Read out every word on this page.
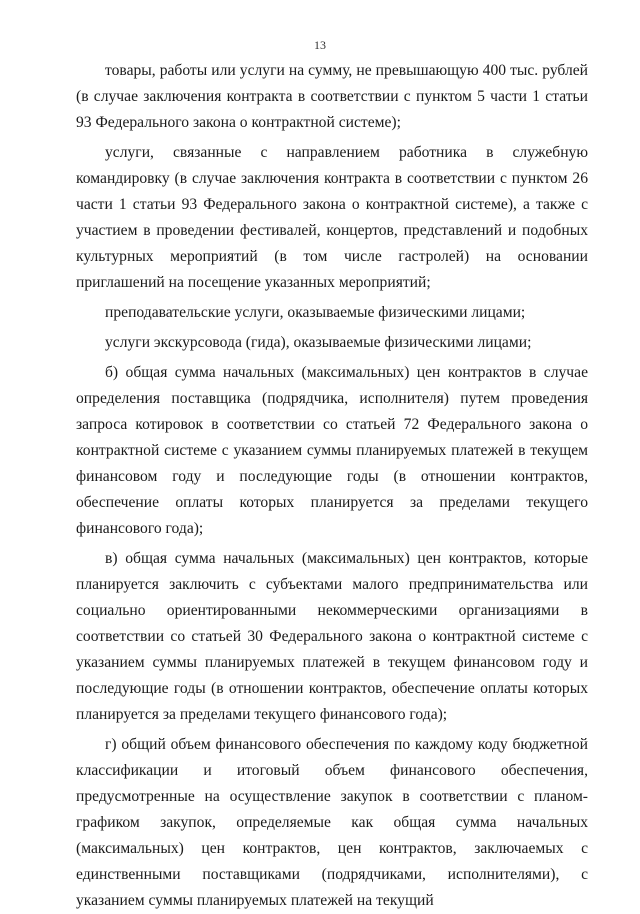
13

товары, работы или услуги на сумму, не превышающую 400 тыс. рублей (в случае заключения контракта в соответствии с пунктом 5 части 1 статьи 93 Федерального закона о контрактной системе);

услуги, связанные с направлением работника в служебную командировку (в случае заключения контракта в соответствии с пунктом 26 части 1 статьи 93 Федерального закона о контрактной системе), а также с участием в проведении фестивалей, концертов, представлений и подобных культурных мероприятий (в том числе гастролей) на основании приглашений на посещение указанных мероприятий;

преподавательские услуги, оказываемые физическими лицами;

услуги экскурсовода (гида), оказываемые физическими лицами;

б) общая сумма начальных (максимальных) цен контрактов в случае определения поставщика (подрядчика, исполнителя) путем проведения запроса котировок в соответствии со статьей 72 Федерального закона о контрактной системе с указанием суммы планируемых платежей в текущем финансовом году и последующие годы (в отношении контрактов, обеспечение оплаты которых планируется за пределами текущего финансового года);

в) общая сумма начальных (максимальных) цен контрактов, которые планируется заключить с субъектами малого предпринимательства или социально ориентированными некоммерческими организациями в соответствии со статьей 30 Федерального закона о контрактной системе с указанием суммы планируемых платежей в текущем финансовом году и последующие годы (в отношении контрактов, обеспечение оплаты которых планируется за пределами текущего финансового года);

г) общий объем финансового обеспечения по каждому коду бюджетной классификации и итоговый объем финансового обеспечения, предусмотренные на осуществление закупок в соответствии с планом-графиком закупок, определяемые как общая сумма начальных (максимальных) цен контрактов, цен контрактов, заключаемых с единственными поставщиками (подрядчиками, исполнителями), с указанием суммы планируемых платежей на текущий
